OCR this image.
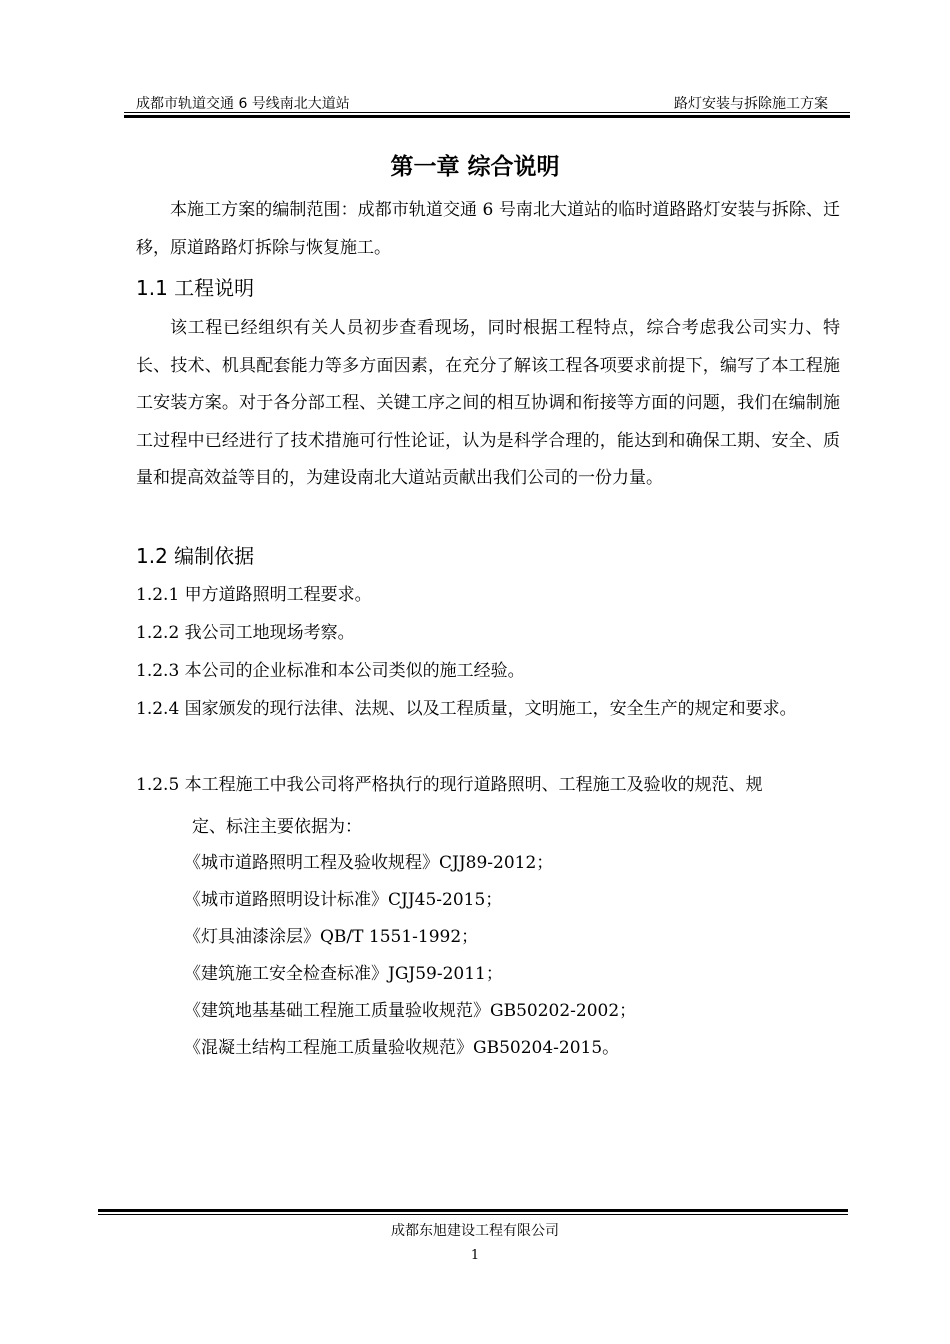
成都市轨道交通 6 号线南北大道站	路灯安装与拆除施工方案
第一章 综合说明

本施工方案的编制范围：成都市轨道交通 6 号南北大道站的临时道路路灯安装与拆除、迁移，原道路路灯拆除与恢复施工。

1.1 工程说明

该工程已经组织有关人员初步查看现场，同时根据工程特点，综合考虑我公司实力、特长、技术、机具配套能力等多方面因素，在充分了解该工程各项要求前提下，编写了本工程施工安装方案。对于各分部工程、关键工序之间的相互协调和衔接等方面的问题，我们在编制施工过程中已经进行了技术措施可行性论证，认为是科学合理的，能达到和确保工期、安全、质量和提高效益等目的，为建设南北大道站贡献出我们公司的一份力量。

1.2 编制依据

1.2.1 甲方道路照明工程要求。

1.2.2 我公司工地现场考察。

1.2.3 本公司的企业标准和本公司类似的施工经验。

1.2.4 国家颁发的现行法律、法规、以及工程质量，文明施工，安全生产的规定和要求。

1.2.5 本工程施工中我公司将严格执行的现行道路照明、工程施工及验收的规范、规

定、标注主要依据为：
《城市道路照明工程及验收规程》CJJ89-2012；
《城市道路照明设计标准》CJJ45-2015；
《灯具油漆涂层》QB/T 1551-1992；
《建筑施工安全检查标准》JGJ59-2011；
《建筑地基基础工程施工质量验收规范》GB50202-2002；
《混凝土结构工程施工质量验收规范》GB50204-2015。
成都东旭建设工程有限公司
1
